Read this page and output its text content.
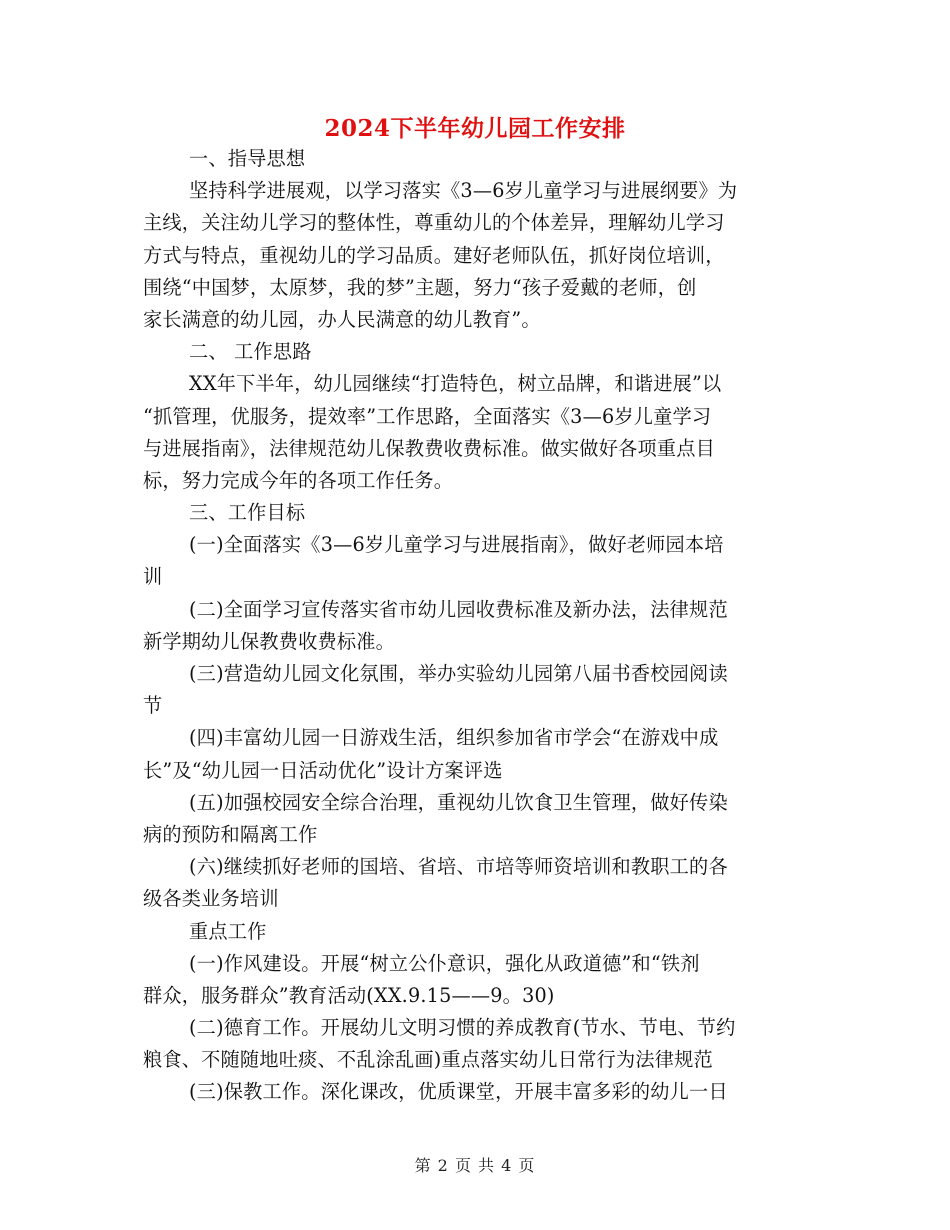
2024下半年幼儿园工作安排

一、指导思想

坚持科学进展观，以学习落实《3—6岁儿童学习与进展纲要》为

主线，关注幼儿学习的整体性，尊重幼儿的个体差异，理解幼儿学习

方式与特点，重视幼儿的学习品质。建好老师队伍，抓好岗位培训，

围绕“中国梦，太原梦，我的梦”主题，努力“孩子爱戴的老师，创

家长满意的幼儿园，办人民满意的幼儿教育”。

二、 工作思路

XX年下半年，幼儿园继续“打造特色，树立品牌，和谐进展”以

“抓管理，优服务，提效率”工作思路，全面落实《3—6岁儿童学习

与进展指南》，法律规范幼儿保教费收费标准。做实做好各项重点目

标，努力完成今年的各项工作任务。

三、工作目标

(一)全面落实《3—6岁儿童学习与进展指南》，做好老师园本培

训

(二)全面学习宣传落实省市幼儿园收费标准及新办法，法律规范

新学期幼儿保教费收费标准。

(三)营造幼儿园文化氛围，举办实验幼儿园第八届书香校园阅读

节

(四)丰富幼儿园一日游戏生活，组织参加省市学会“在游戏中成

长”及“幼儿园一日活动优化”设计方案评选

(五)加强校园安全综合治理，重视幼儿饮食卫生管理，做好传染

病的预防和隔离工作

(六)继续抓好老师的国培、省培、市培等师资培训和教职工的各

级各类业务培训

重点工作

(一)作风建设。开展“树立公仆意识，强化从政道德”和“铁剂

群众，服务群众”教育活动(XX.9.15——9。30)

(二)德育工作。开展幼儿文明习惯的养成教育(节水、节电、节约

粮食、不随随地吐痰、不乱涂乱画)重点落实幼儿日常行为法律规范

(三)保教工作。深化课改，优质课堂，开展丰富多彩的幼儿一日

第 2 页 共 4 页
